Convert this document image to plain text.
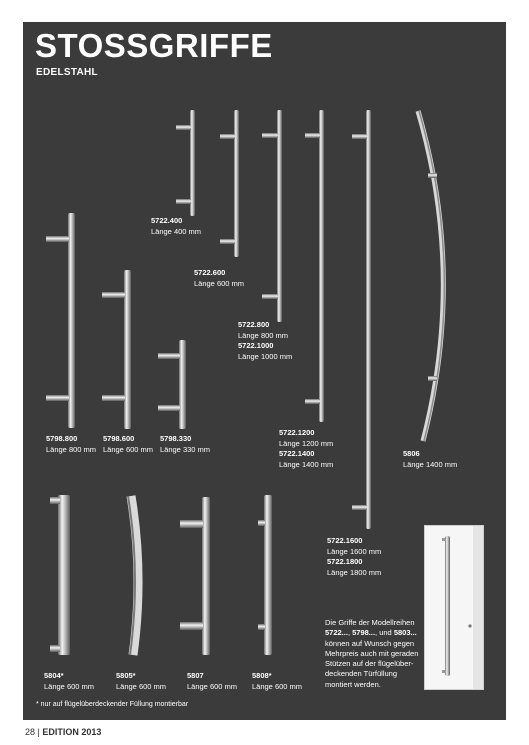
STOSSGRIFFE
EDELSTAHL
5722.400
Länge 400 mm
5722.600
Länge 600 mm
5722.800
Länge 800 mm
5722.1000
Länge 1000 mm
5722.1200
Länge 1200 mm
5722.1400
Länge 1400 mm
5806
Länge 1400 mm
5798.800
Länge 800 mm
5798.600
Länge 600 mm
5798.330
Länge 330 mm
5722.1600
Länge 1600 mm
5722.1800
Länge 1800 mm
5804*
Länge 600 mm
5805*
Länge 600 mm
5807
Länge 600 mm
5808*
Länge 600 mm
Die Griffe der Modellreihen
5722..., 5798..., und 5803... können auf Wunsch gegen Mehrpreis auch mit geraden Stützen auf der flügelüber-deckenden Türfüllung montiert werden.
* nur auf flügelüberdeckender Füllung montierbar
28 | EDITION 2013
